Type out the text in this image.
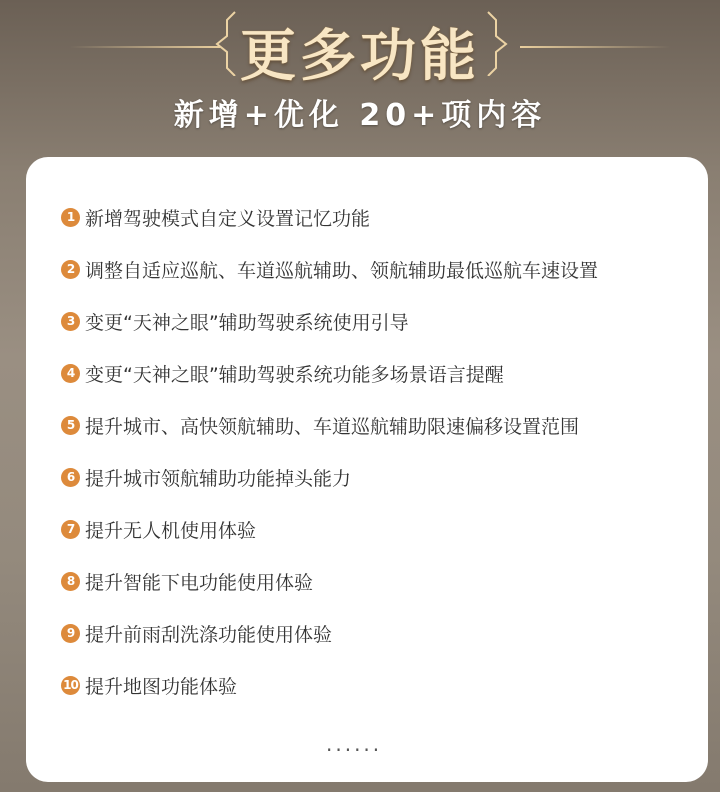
更多功能
新增+优化 20+项内容
1 新增驾驶模式自定义设置记忆功能
2 调整自适应巡航、车道巡航辅助、领航辅助最低巡航车速设置
3 变更“天神之眼”辅助驾驶系统使用引导
4 变更“天神之眼”辅助驾驶系统功能多场景语言提醒
5 提升城市、高快领航辅助、车道巡航辅助限速偏移设置范围
6 提升城市领航辅助功能掉头能力
7 提升无人机使用体验
8 提升智能下电功能使用体验
9 提升前雨刮洗涤功能使用体验
10 提升地图功能体验
......
